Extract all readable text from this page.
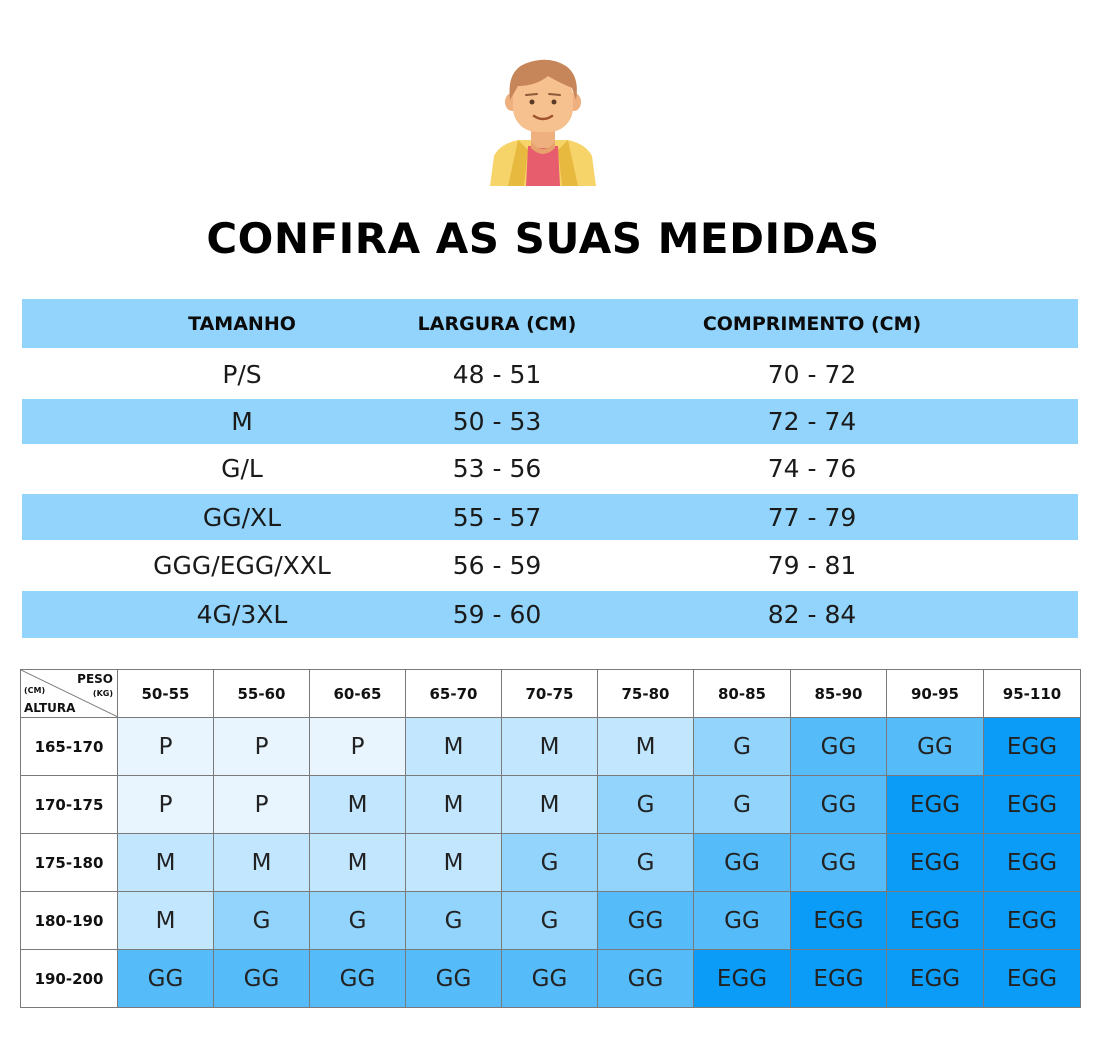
CONFIRA AS SUAS MEDIDAS
TAMANHO	LARGURA (CM)	COMPRIMENTO (CM)
P/S	48 - 51	70 - 72
M	50 - 53	72 - 74
G/L	53 - 56	74 - 76
GG/XL	55 - 57	77 - 79
GGG/EGG/XXL	56 - 59	79 - 81
4G/3XL	59 - 60	82 - 84
PESO
(KG)
(CM)
ALTURA	50-55	55-60	60-65	65-70	70-75	75-80	80-85	85-90	90-95	95-110
165-170	P	P	P	M	M	M	G	GG	GG	EGG
170-175	P	P	M	M	M	G	G	GG	EGG	EGG
175-180	M	M	M	M	G	G	GG	GG	EGG	EGG
180-190	M	G	G	G	G	GG	GG	EGG	EGG	EGG
190-200	GG	GG	GG	GG	GG	GG	EGG	EGG	EGG	EGG
